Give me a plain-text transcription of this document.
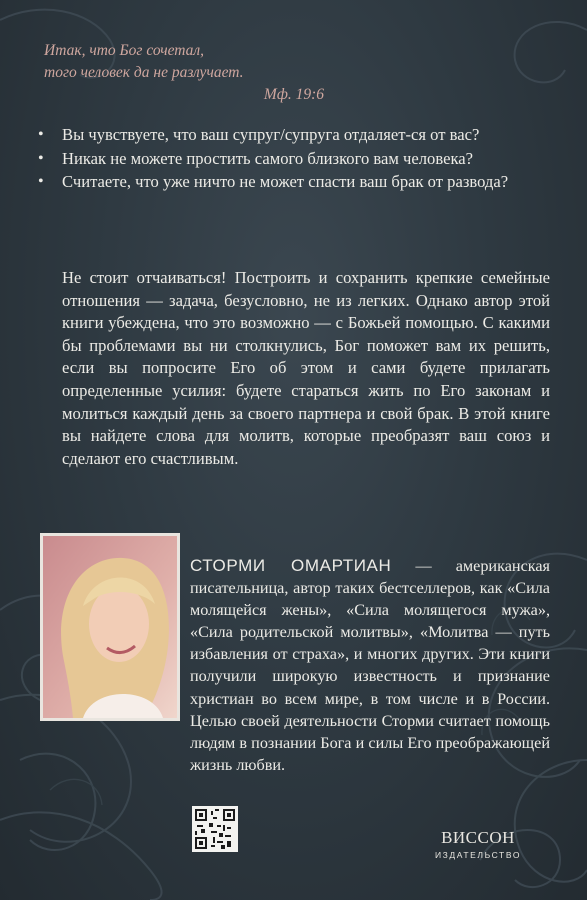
Итак, что Бог сочетал,
того человек да не разлучает.
Мф. 19:6
• Вы чувствуете, что ваш супруг/супруга отдаляет-ся от вас?
• Никак не можете простить самого близкого вам человека?
• Считаете, что уже ничто не может спасти ваш брак от развода?

Не стоит отчаиваться! Построить и сохранить крепкие семейные отношения — задача, безусловно, не из легких. Однако автор этой книги убеждена, что это возможно — с Божьей помощью. С какими бы проблемами вы ни столкнулись, Бог поможет вам их решить, если вы попросите Его об этом и сами будете прилагать определенные усилия: будете стараться жить по Его законам и молиться каждый день за своего партнера и свой брак. В этой книге вы найдете слова для молитв, которые преобразят ваш союз и сделают его счастливым.

СТОРМИ ОМАРТИАН — американская писательница, автор таких бестселлеров, как «Сила молящейся жены», «Сила молящегося мужа», «Сила родительской молитвы», «Молитва — путь избавления от страха», и многих других. Эти книги получили широкую известность и признание христиан во всем мире, в том числе и в России. Целью своей деятельности Сторми считает помощь людям в познании Бога и силы Его преображающей жизнь любви.
ВИССОН
ИЗДАТЕЛЬСТВО
